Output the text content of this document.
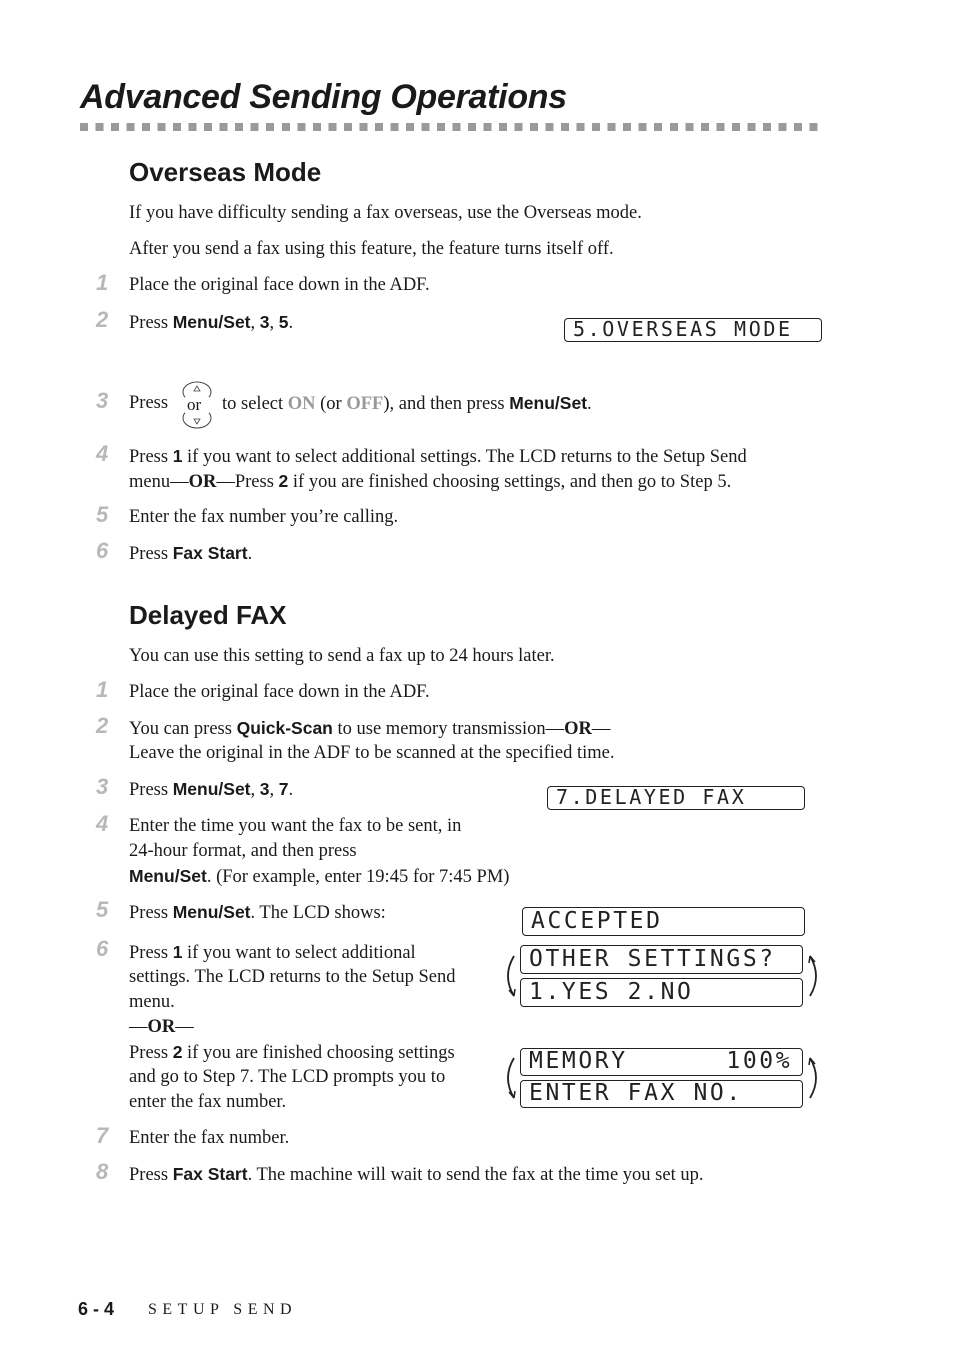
Advanced Sending Operations
Overseas Mode
If you have difficulty sending a fax overseas, use the Overseas mode.
After you send a fax using this feature, the feature turns itself off.
1 Place the original face down in the ADF.
2 Press Menu/Set, 3, 5.	5.OVERSEAS MODE
3 Press or to select ON (or OFF), and then press Menu/Set.
4 Press 1 if you want to select additional settings. The LCD returns to the Setup Send
menu—OR—Press 2 if you are finished choosing settings, and then go to Step 5.
5 Enter the fax number you’re calling.
6 Press Fax Start.
Delayed FAX
You can use this setting to send a fax up to 24 hours later.
1 Place the original face down in the ADF.
2 You can press Quick-Scan to use memory transmission—OR—
Leave the original in the ADF to be scanned at the specified time.
3 Press Menu/Set, 3, 7.	7.DELAYED FAX
4 Enter the time you want the fax to be sent, in
24-hour format, and then press
Menu/Set. (For example, enter 19:45 for 7:45 PM)
5 Press Menu/Set. The LCD shows:	ACCEPTED
6 Press 1 if you want to select additional
settings. The LCD returns to the Setup Send
menu.
—OR—
Press 2 if you are finished choosing settings
and go to Step 7. The LCD prompts you to
enter the fax number.
OTHER SETTINGS?
1.YES 2.NO
MEMORY      100%
ENTER FAX NO.
7 Enter the fax number.
8 Press Fax Start. The machine will wait to send the fax at the time you set up.
6 - 4 SETUP SEND
